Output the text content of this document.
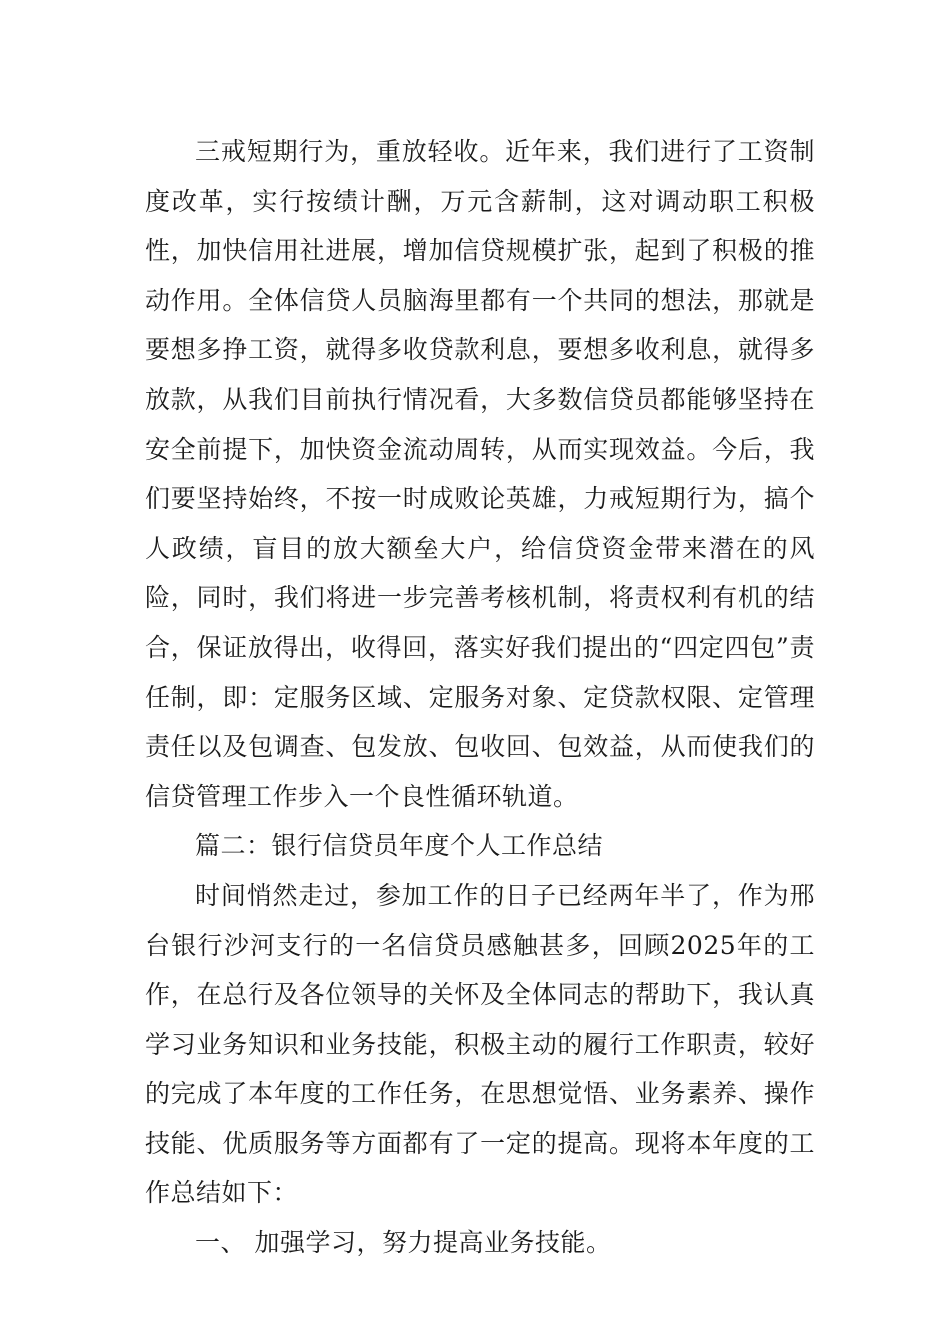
三戒短期行为，重放轻收。近年来，我们进行了工资制度改革，实行按绩计酬，万元含薪制，这对调动职工积极性，加快信用社进展，增加信贷规模扩张，起到了积极的推动作用。全体信贷人员脑海里都有一个共同的想法，那就是要想多挣工资，就得多收贷款利息，要想多收利息，就得多放款，从我们目前执行情况看，大多数信贷员都能够坚持在安全前提下，加快资金流动周转，从而实现效益。今后，我们要坚持始终，不按一时成败论英雄，力戒短期行为，搞个人政绩，盲目的放大额垒大户，给信贷资金带来潜在的风险，同时，我们将进一步完善考核机制，将责权利有机的结合，保证放得出，收得回，落实好我们提出的“四定四包”责任制，即：定服务区域、定服务对象、定贷款权限、定管理责任以及包调查、包发放、包收回、包效益，从而使我们的信贷管理工作步入一个良性循环轨道。

篇二：银行信贷员年度个人工作总结

时间悄然走过，参加工作的日子已经两年半了，作为邢台银行沙河支行的一名信贷员感触甚多，回顾2025年的工作，在总行及各位领导的关怀及全体同志的帮助下，我认真学习业务知识和业务技能，积极主动的履行工作职责，较好的完成了本年度的工作任务，在思想觉悟、业务素养、操作技能、优质服务等方面都有了一定的提高。现将本年度的工作总结如下：

一、 加强学习，努力提高业务技能。
